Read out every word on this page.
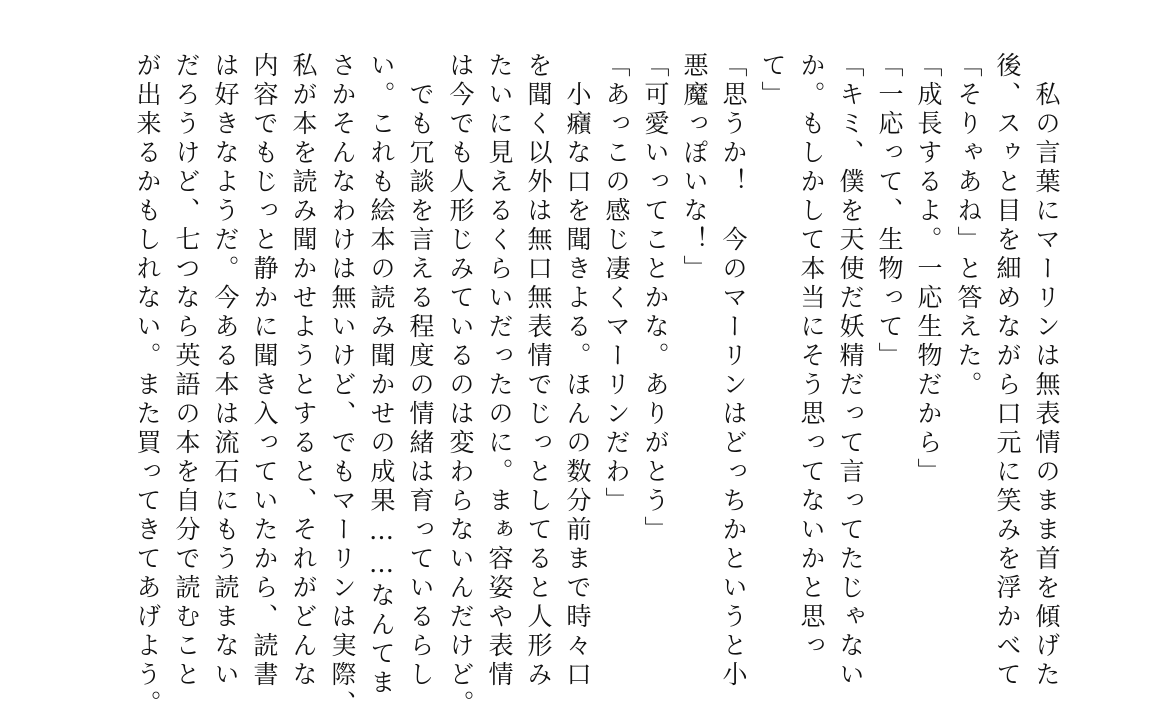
　私の言葉にマーリンは無表情のまま首を傾げた
後、スゥと目を細めながら口元に笑みを浮かべて
「そりゃあね」と答えた。
「成長するよ。一応生物だから」
「一応って、生物って」
「キミ、僕を天使だ妖精だって言ってたじゃない
か。もしかして本当にそう思ってないかと思っ
て」
「思うか！　今のマーリンはどっちかというと小
悪魔っぽいな！」
「可愛いってことかな。ありがとう」
「あっこの感じ凄くマーリンだわ」
　小癪な口を聞きよる。ほんの数分前まで時々口
を聞く以外は無口無表情でじっとしてると人形み
たいに見えるくらいだったのに。まぁ容姿や表情
は今でも人形じみているのは変わらないんだけど。
　でも冗談を言える程度の情緒は育っているらし
い。これも絵本の読み聞かせの成果……なんてま
さかそんなわけは無いけど、でもマーリンは実際、
私が本を読み聞かせようとすると、それがどんな
内容でもじっと静かに聞き入っていたから、読書
は好きなようだ。今ある本は流石にもう読まない
だろうけど、七つなら英語の本を自分で読むこと
が出来るかもしれない。また買ってきてあげよう。
